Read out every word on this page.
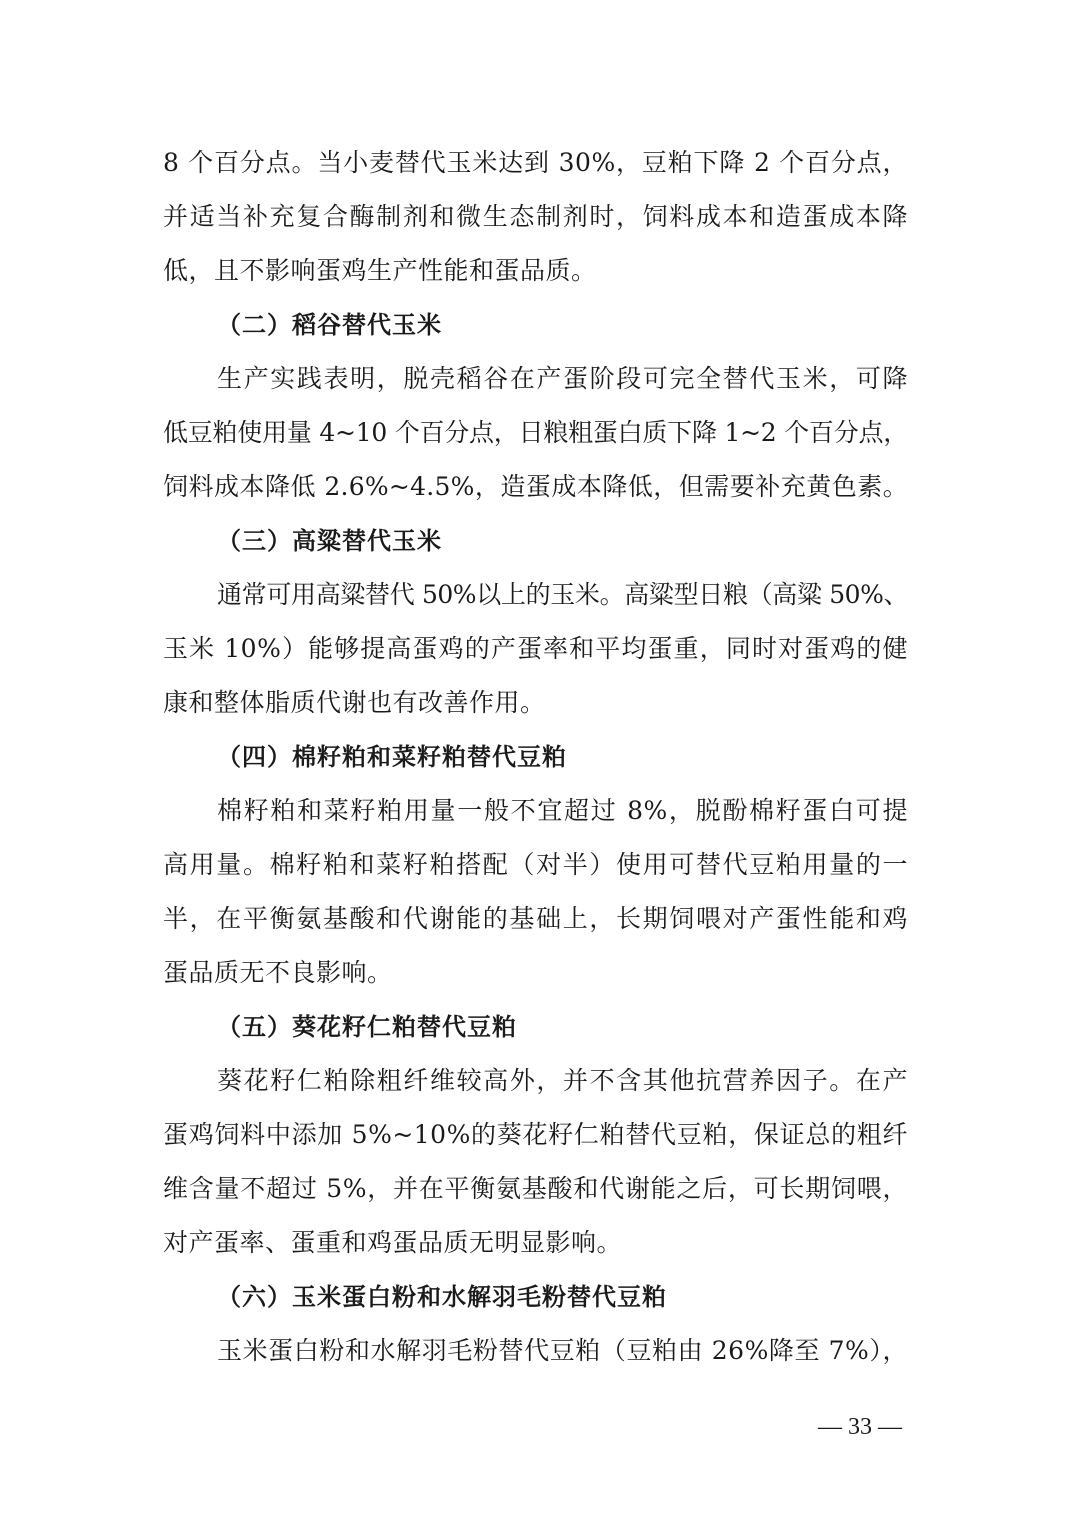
8 个百分点。当小麦替代玉米达到 30%，豆粕下降 2 个百分点，
并适当补充复合酶制剂和微生态制剂时，饲料成本和造蛋成本降
低，且不影响蛋鸡生产性能和蛋品质。
（二）稻谷替代玉米
生产实践表明，脱壳稻谷在产蛋阶段可完全替代玉米，可降
低豆粕使用量 4~10 个百分点，日粮粗蛋白质下降 1~2 个百分点，
饲料成本降低 2.6%~4.5%，造蛋成本降低，但需要补充黄色素。
（三）高粱替代玉米
通常可用高粱替代 50%以上的玉米。高粱型日粮（高粱 50%、
玉米 10%）能够提高蛋鸡的产蛋率和平均蛋重，同时对蛋鸡的健
康和整体脂质代谢也有改善作用。
（四）棉籽粕和菜籽粕替代豆粕
棉籽粕和菜籽粕用量一般不宜超过 8%，脱酚棉籽蛋白可提
高用量。棉籽粕和菜籽粕搭配（对半）使用可替代豆粕用量的一
半，在平衡氨基酸和代谢能的基础上，长期饲喂对产蛋性能和鸡
蛋品质无不良影响。
（五）葵花籽仁粕替代豆粕
葵花籽仁粕除粗纤维较高外，并不含其他抗营养因子。在产
蛋鸡饲料中添加 5%~10%的葵花籽仁粕替代豆粕，保证总的粗纤
维含量不超过 5%，并在平衡氨基酸和代谢能之后，可长期饲喂，
对产蛋率、蛋重和鸡蛋品质无明显影响。
（六）玉米蛋白粉和水解羽毛粉替代豆粕
玉米蛋白粉和水解羽毛粉替代豆粕（豆粕由 26%降至 7%），
— 33 —
